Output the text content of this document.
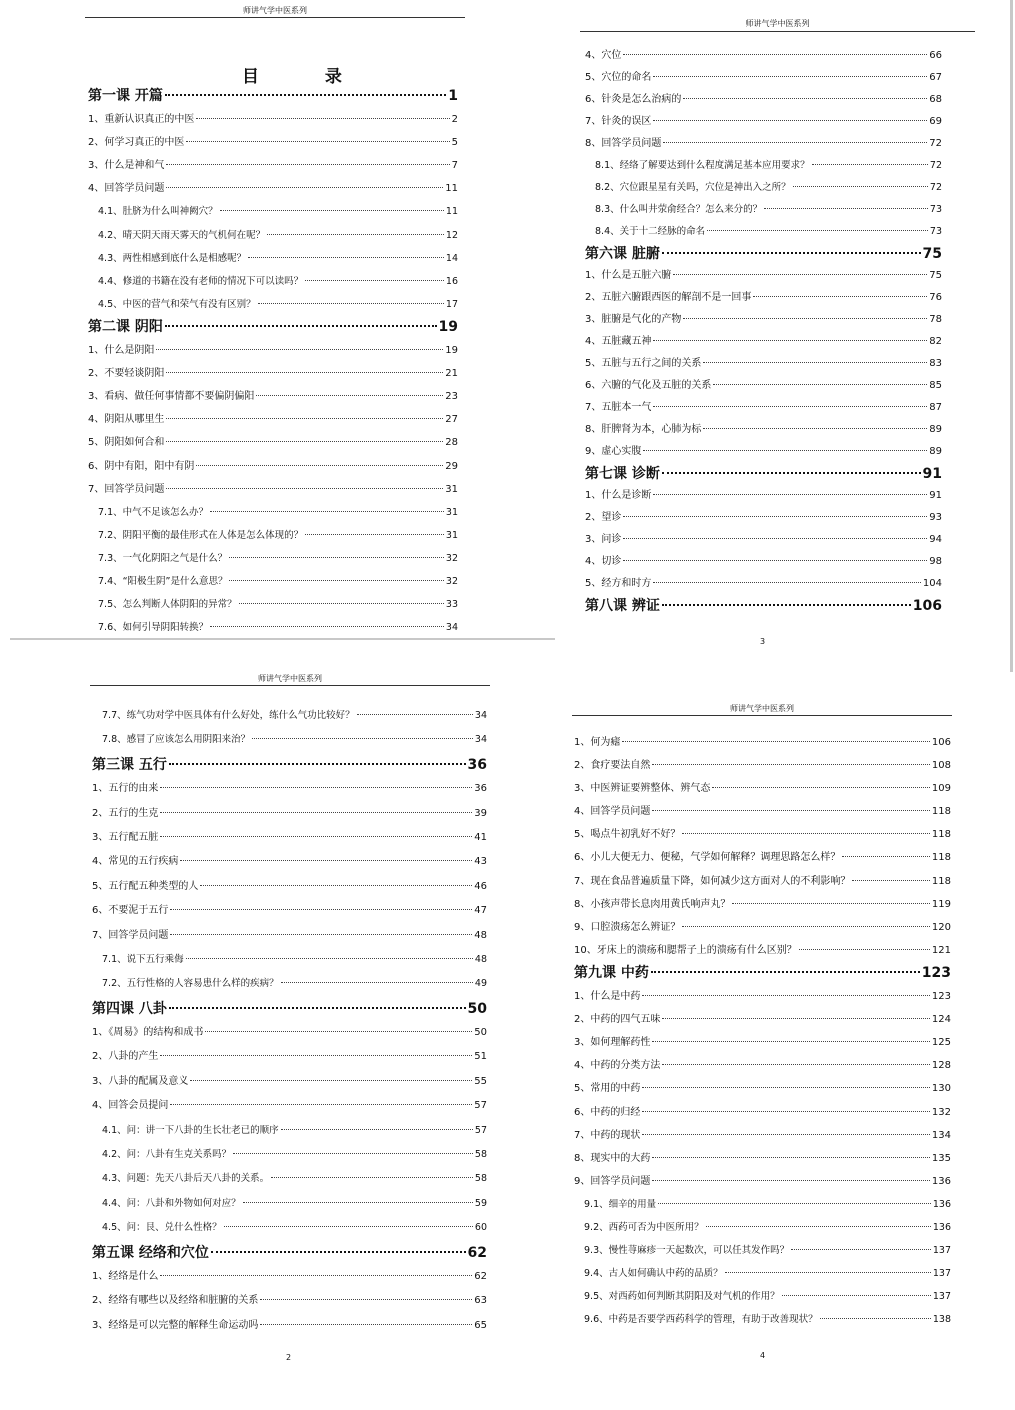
师讲气学中医系列
目 录
第一课 开篇	1
1、重新认识真正的中医	2
2、何学习真正的中医	5
3、什么是神和气	7
4、回答学员问题	11
4.1、肚脐为什么叫神阙穴？	11
4.2、晴天阴天雨天雾天的气机何在呢？	12
4.3、两性相感到底什么是相感呢？	14
4.4、修道的书籍在没有老师的情况下可以读吗？	16
4.5、中医的营气和荣气有没有区别？	17
第二课 阴阳	19
1、什么是阴阳	19
2、不要轻谈阴阳	21
3、看病、做任何事情都不要偏阴偏阳	23
4、阴阳从哪里生	27
5、阴阳如何合和	28
6、阴中有阳，阳中有阴	29
7、回答学员问题	31
7.1、中气不足该怎么办？	31
7.2、阴阳平衡的最佳形式在人体是怎么体现的？	31
7.3、一气化阴阳之气是什么？	32
7.4、“阳极生阴”是什么意思？	32
7.5、怎么判断人体阴阳的异常？	33
7.6、如何引导阴阳转换？	34
师讲气学中医系列
4、穴位	66
5、穴位的命名	67
6、针灸是怎么治病的	68
7、针灸的误区	69
8、回答学员问题	72
8.1、经络了解要达到什么程度满足基本应用要求？	72
8.2、穴位跟星星有关吗，穴位是神出入之所？	72
8.3、什么叫井荥俞经合？怎么来分的？	73
8.4、关于十二经脉的命名	73
第六课 脏腑	75
1、什么是五脏六腑	75
2、五脏六腑跟西医的解剖不是一回事	76
3、脏腑是气化的产物	78
4、五脏藏五神	82
5、五脏与五行之间的关系	83
6、六腑的气化及五脏的关系	85
7、五脏本一气	87
8、肝脾肾为本，心肺为标	89
9、虚心实腹	89
第七课 诊断	91
1、什么是诊断	91
2、望诊	93
3、问诊	94
4、切诊	98
5、经方和时方	104
第八课 辨证	106
3
师讲气学中医系列
7.7、练气功对学中医具体有什么好处，练什么气功比较好？	34
7.8、感冒了应该怎么用阴阳来治？	34
第三课 五行	36
1、五行的由来	36
2、五行的生克	39
3、五行配五脏	41
4、常见的五行疾病	43
5、五行配五种类型的人	46
6、不要泥于五行	47
7、回答学员问题	48
7.1、说下五行乘侮	48
7.2、五行性格的人容易患什么样的疾病？	49
第四课 八卦	50
1、《周易》的结构和成书	50
2、八卦的产生	51
3、八卦的配属及意义	55
4、回答会员提问	57
4.1、问：讲一下八卦的生长壮老已的顺序	57
4.2、问：八卦有生克关系吗？	58
4.3、问题：先天八卦后天八卦的关系。	58
4.4、问：八卦和外物如何对应？	59
4.5、问：艮、兑什么性格？	60
第五课 经络和穴位	62
1、经络是什么	62
2、经络有哪些以及经络和脏腑的关系	63
3、经络是可以完整的解释生命运动吗	65
2
师讲气学中医系列
1、何为瘧	106
2、食疗要法自然	108
3、中医辨证要辨整体、辨气态	109
4、回答学员问题	118
5、喝点牛初乳好不好？	118
6、小儿大便无力、便秘，气学如何解释？调理思路怎么样？	118
7、现在食品普遍质量下降，如何减少这方面对人的不利影响？	118
8、小孩声带长息肉用黄氏响声丸？	119
9、口腔溃疡怎么辨证？	120
10、牙床上的溃疡和腮帮子上的溃疡有什么区别？	121
第九课 中药	123
1、什么是中药	123
2、中药的四气五味	124
3、如何理解药性	125
4、中药的分类方法	128
5、常用的中药	130
6、中药的归经	132
7、中药的现状	134
8、现实中的大药	135
9、回答学员问题	136
9.1、细辛的用量	136
9.2、西药可否为中医所用？	136
9.3、慢性荨麻疹一天起数次，可以任其发作吗？	137
9.4、古人如何确认中药的品质？	137
9.5、对西药如何判断其阴阳及对气机的作用？	137
9.6、中药是否要学西药科学的管理，有助于改善现状？	138
4
